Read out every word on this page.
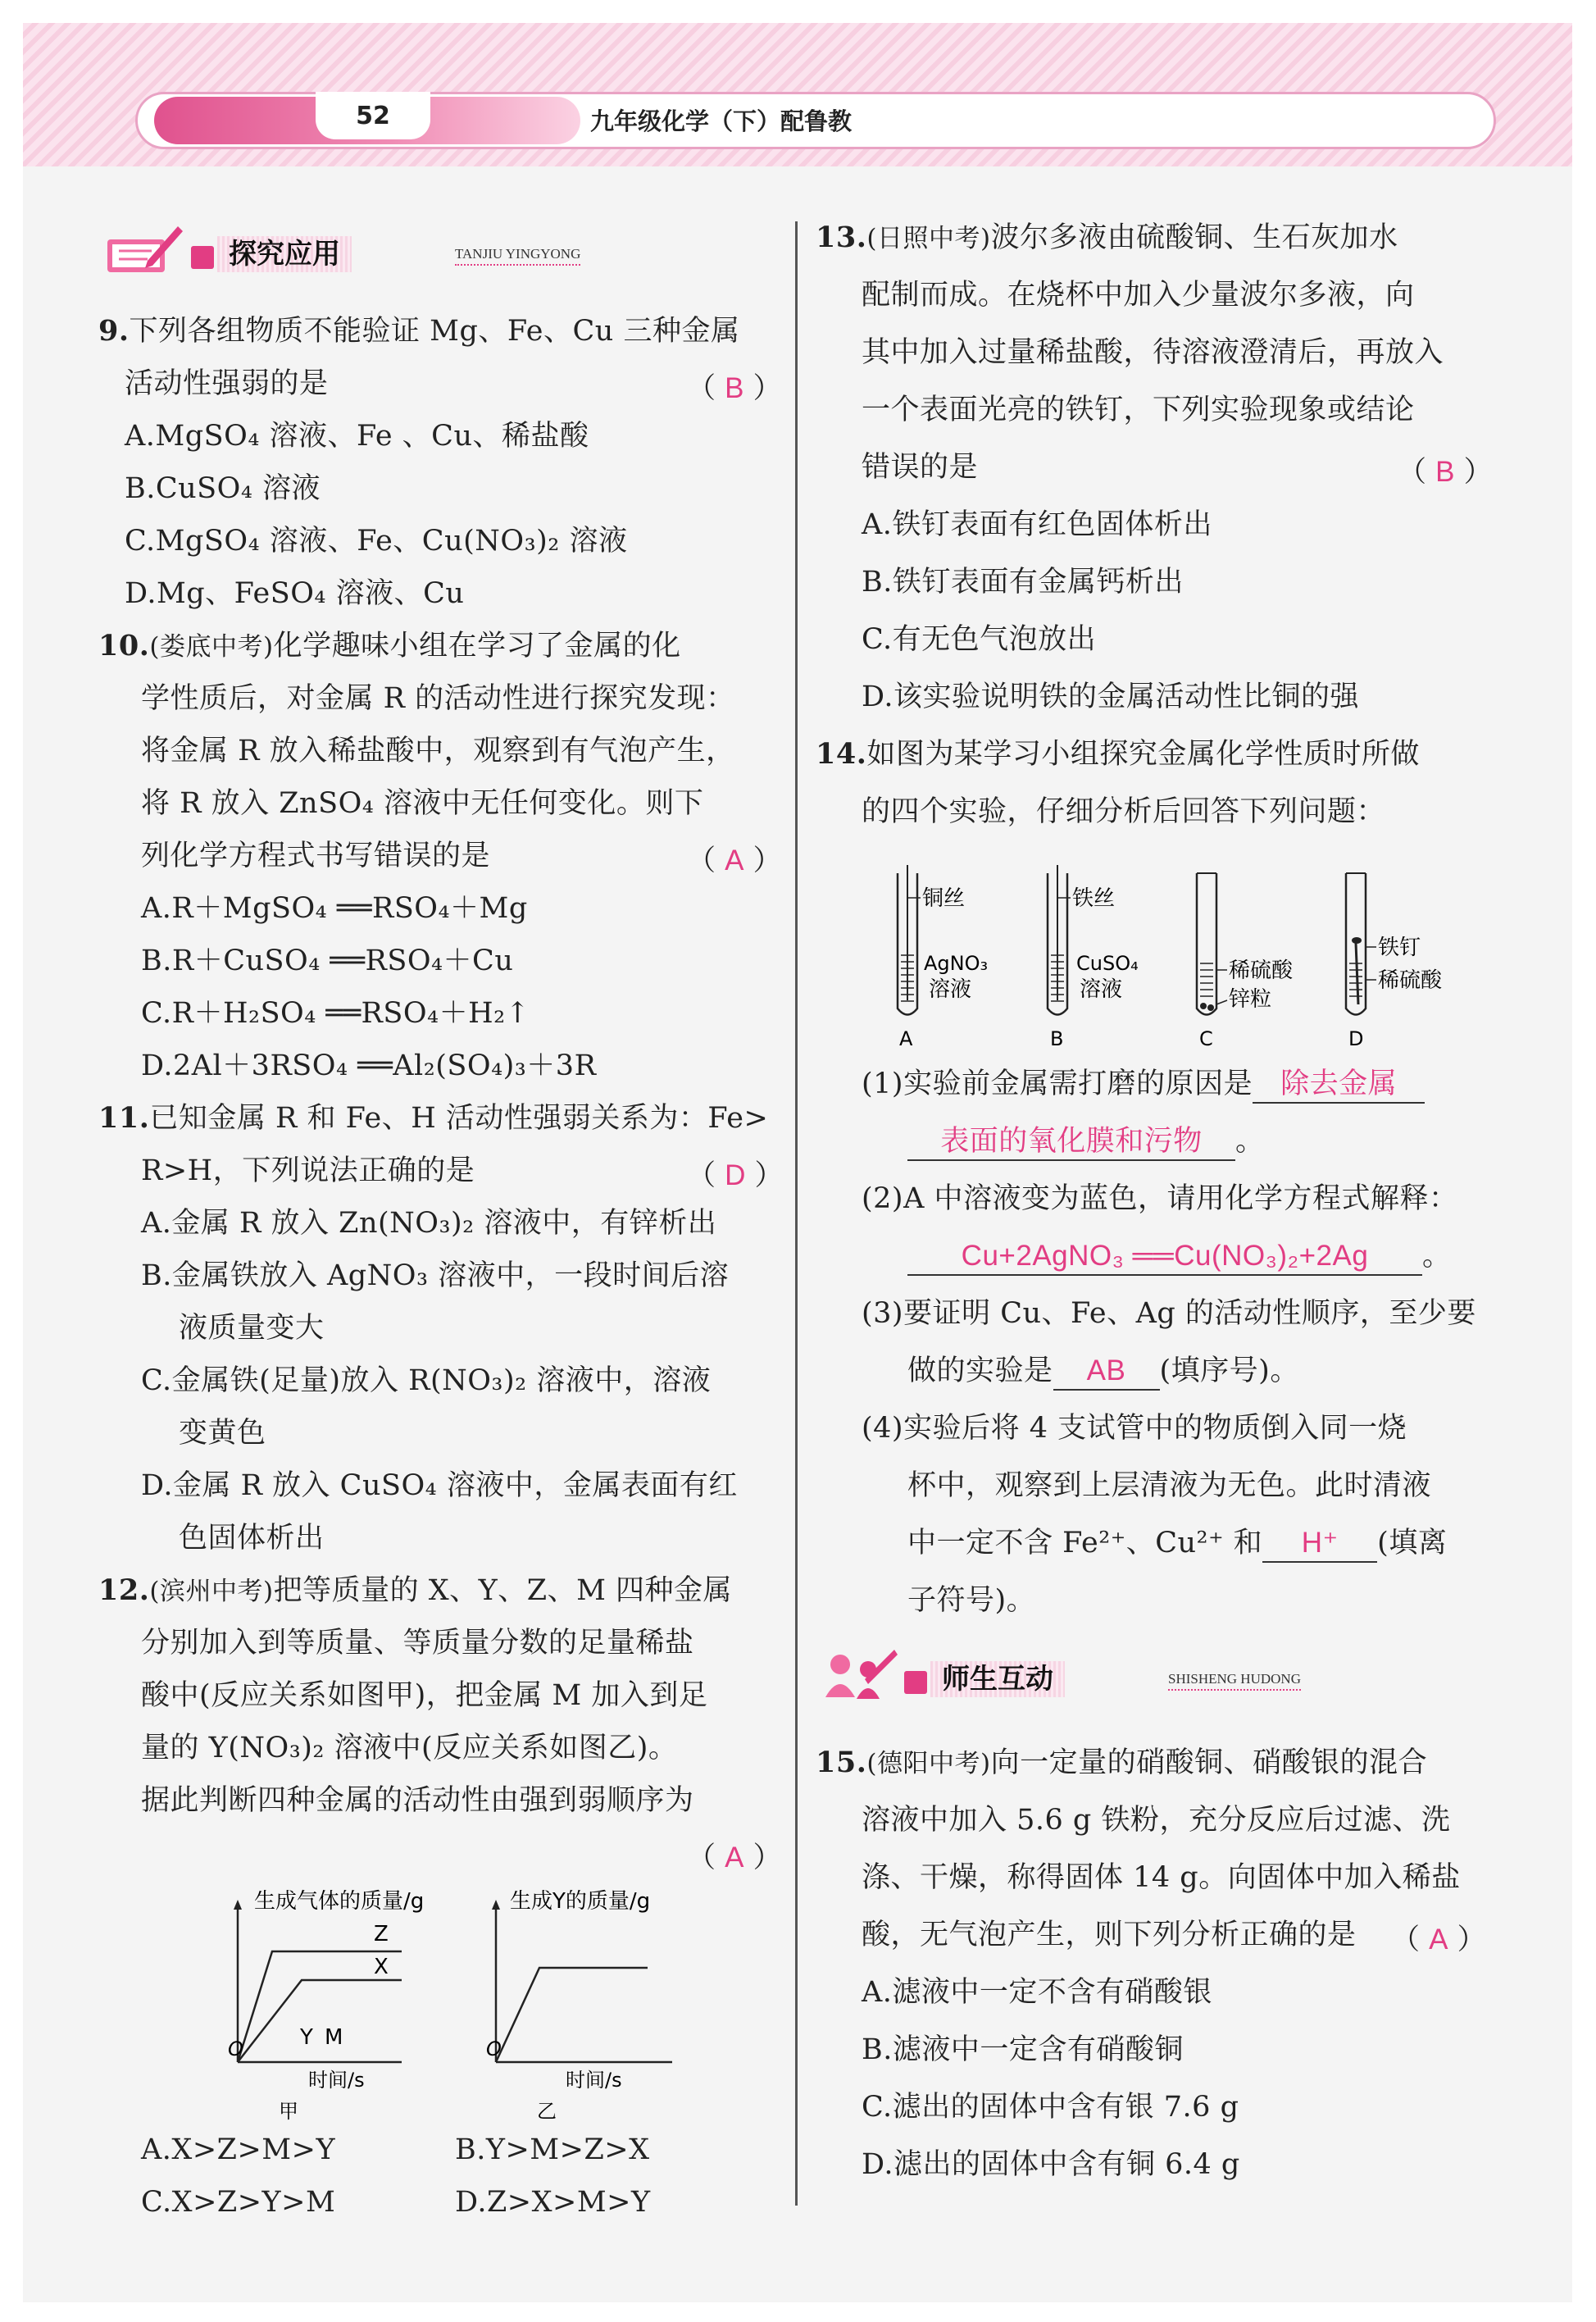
52	九年级化学（下）配鲁教
探究应用	TANJIU YINGYONG
9.下列各组物质不能验证 Mg、Fe、Cu 三种金属
活动性强弱的是	（ B ）
A.MgSO₄ 溶液、Fe 、Cu、稀盐酸
B.CuSO₄ 溶液
C.MgSO₄ 溶液、Fe、Cu(NO₃)₂ 溶液
D.Mg、FeSO₄ 溶液、Cu
10.(娄底中考)化学趣味小组在学习了金属的化
学性质后，对金属 R 的活动性进行探究发现：
将金属 R 放入稀盐酸中，观察到有气泡产生，
将 R 放入 ZnSO₄ 溶液中无任何变化。则下
列化学方程式书写错误的是	（ A ）
A.R＋MgSO₄ ══RSO₄＋Mg
B.R＋CuSO₄ ══RSO₄＋Cu
C.R＋H₂SO₄ ══RSO₄＋H₂↑
D.2Al＋3RSO₄ ══Al₂(SO₄)₃＋3R
11.已知金属 R 和 Fe、H 活动性强弱关系为：Fe>
R>H，下列说法正确的是	（ D ）
A.金属 R 放入 Zn(NO₃)₂ 溶液中，有锌析出
B.金属铁放入 AgNO₃ 溶液中，一段时间后溶
液质量变大
C.金属铁(足量)放入 R(NO₃)₂ 溶液中，溶液
变黄色
D.金属 R 放入 CuSO₄ 溶液中，金属表面有红
色固体析出
12.(滨州中考)把等质量的 X、Y、Z、M 四种金属
分别加入到等质量、等质量分数的足量稀盐
酸中(反应关系如图甲)，把金属 M 加入到足
量的 Y(NO₃)₂ 溶液中(反应关系如图乙)。
据此判断四种金属的活动性由强到弱顺序为
（ A ）
生成气体的质量/g
Z
X
Y M
O
时间/s
甲
生成Y的质量/g
O
时间/s
乙
A.X>Z>M>Y	B.Y>M>Z>X
C.X>Z>Y>M	D.Z>X>M>Y
13.(日照中考)波尔多液由硫酸铜、生石灰加水
配制而成。在烧杯中加入少量波尔多液，向
其中加入过量稀盐酸，待溶液澄清后，再放入
一个表面光亮的铁钉，下列实验现象或结论
错误的是	（ B ）
A.铁钉表面有红色固体析出
B.铁钉表面有金属钙析出
C.有无色气泡放出
D.该实验说明铁的金属活动性比铜的强
14.如图为某学习小组探究金属化学性质时所做
的四个实验，仔细分析后回答下列问题：
铜丝
AgNO₃
溶液
A
铁丝
CuSO₄
溶液
B
稀硫酸
锌粒
C
铁钉
稀硫酸
D
(1)实验前金属需打磨的原因是 除去金属
表面的氧化膜和污物 。
(2)A 中溶液变为蓝色，请用化学方程式解释：
Cu+2AgNO₃ ══Cu(NO₃)₂+2Ag 。
(3)要证明 Cu、Fe、Ag 的活动性顺序，至少要
做的实验是 AB (填序号)。
(4)实验后将 4 支试管中的物质倒入同一烧
杯中，观察到上层清液为无色。此时清液
中一定不含 Fe²⁺、Cu²⁺ 和 H⁺ (填离
子符号)。
师生互动	SHISHENG HUDONG
15.(德阳中考)向一定量的硝酸铜、硝酸银的混合
溶液中加入 5.6 g 铁粉，充分反应后过滤、洗
涤、干燥，称得固体 14 g。向固体中加入稀盐
酸，无气泡产生，则下列分析正确的是 （ A ）
A.滤液中一定不含有硝酸银
B.滤液中一定含有硝酸铜
C.滤出的固体中含有银 7.6 g
D.滤出的固体中含有铜 6.4 g
